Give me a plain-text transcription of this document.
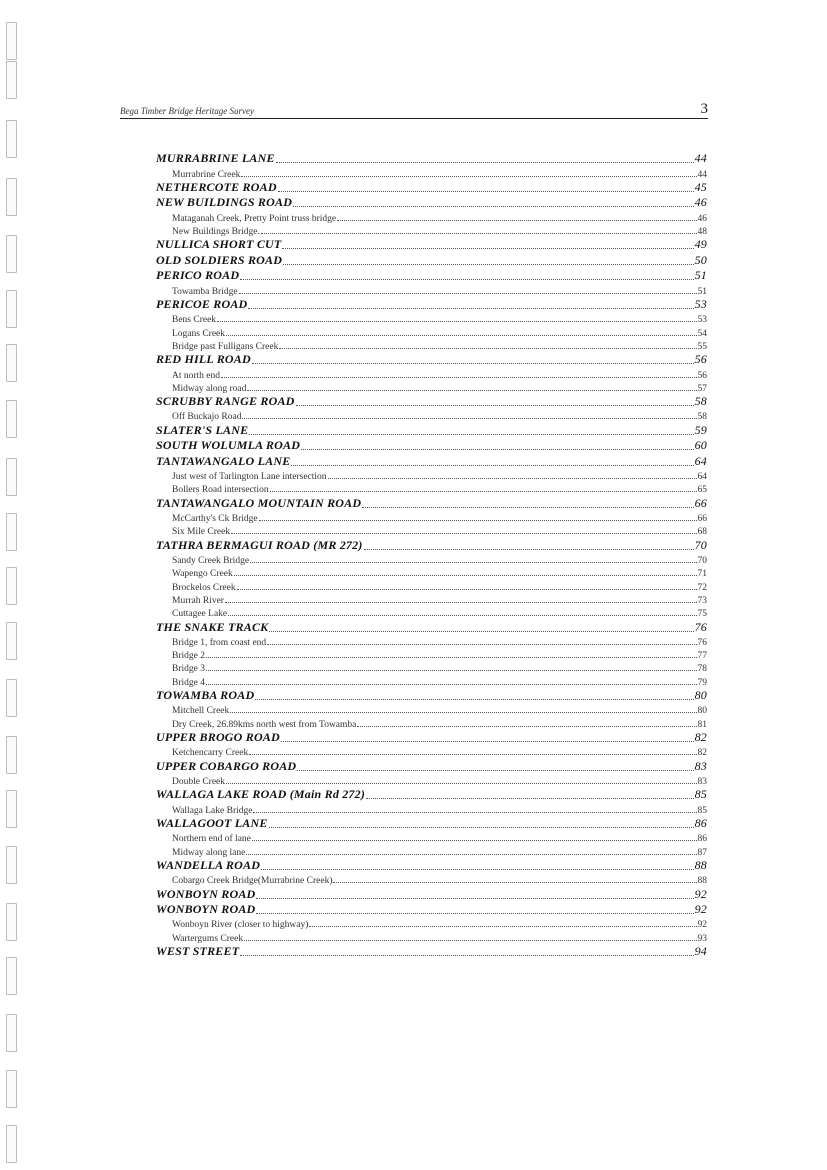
Bega Timber Bridge Heritage Survey	3
MURRABRINE LANE	44
Murrabrine Creek	44
NETHERCOTE ROAD	45
NEW BUILDINGS ROAD	46
Mataganah Creek, Pretty Point truss bridge	46
New Buildings Bridge.	48
NULLICA SHORT CUT	49
OLD SOLDIERS ROAD	50
PERICO ROAD	51
Towamba Bridge	51
PERICOE ROAD	53
Bens Creek	53
Logans Creek	54
Bridge past Fulligans Creek	55
RED HILL ROAD	56
At north end	56
Midway along road	57
SCRUBBY RANGE ROAD	58
Off Buckajo Road	58
SLATER'S LANE	59
SOUTH WOLUMLA ROAD	60
TANTAWANGALO LANE	64
Just west of Tarlington Lane intersection	64
Bollers Road intersection	65
TANTAWANGALO MOUNTAIN ROAD	66
McCarthy's Ck Bridge	66
Six Mile Creek	68
TATHRA BERMAGUI ROAD (MR 272)	70
Sandy Creek Bridge	70
Wapengo Creek	71
Brockelos Creek	72
Murrah River	73
Cuttagee Lake	75
THE SNAKE TRACK	76
Bridge 1, from coast end	76
Bridge 2	77
Bridge 3	78
Bridge 4	79
TOWAMBA ROAD	80
Mitchell Creek	80
Dry Creek, 26.89kms north west from Towamba	81
UPPER BROGO ROAD	82
Ketchencarry Creek	82
UPPER COBARGO ROAD	83
Double Creek	83
WALLAGA LAKE ROAD (Main Rd 272)	85
Wallaga Lake Bridge	85
WALLAGOOT LANE	86
Northern end of lane	86
Midway along lane	87
WANDELLA ROAD	88
Cobargo Creek Bridge(Murrabrine Creek)	88
WONBOYN ROAD	92
WONBOYN ROAD	92
Wonboyn River (closer to highway)	92
Wartergums Creek	93
WEST STREET	94
